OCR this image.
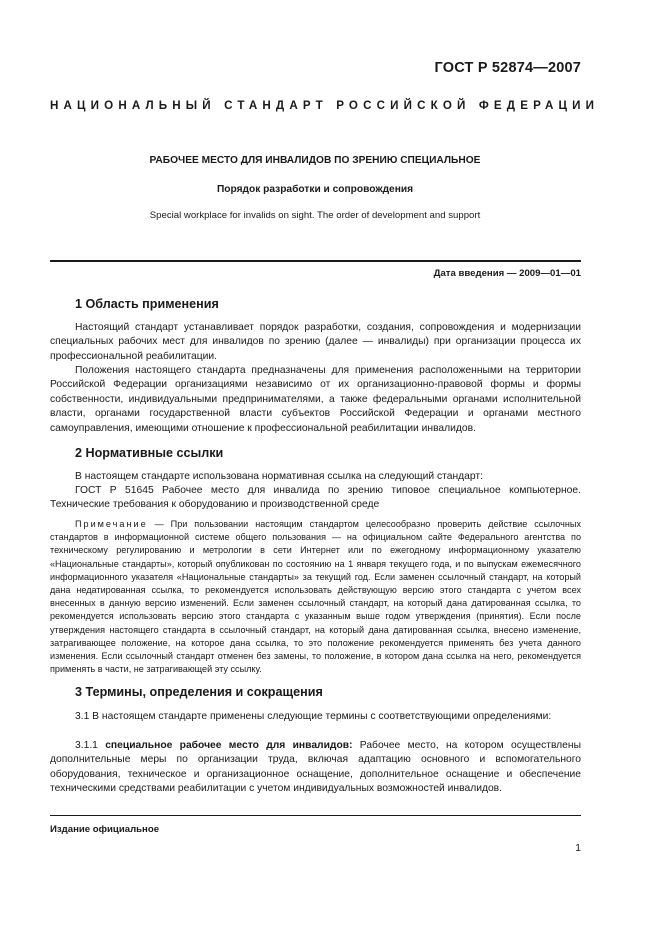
ГОСТ Р 52874—2007
НАЦИОНАЛЬНЫЙ СТАНДАРТ РОССИЙСКОЙ ФЕДЕРАЦИИ
РАБОЧЕЕ МЕСТО ДЛЯ ИНВАЛИДОВ ПО ЗРЕНИЮ СПЕЦИАЛЬНОЕ
Порядок разработки и сопровождения
Special workplace for invalids on sight. The order of development and support
Дата введения — 2009—01—01
1 Область применения

Настоящий стандарт устанавливает порядок разработки, создания, сопровождения и модернизации специальных рабочих мест для инвалидов по зрению (далее — инвалиды) при организации процесса их профессиональной реабилитации.

Положения настоящего стандарта предназначены для применения расположенными на территории Российской Федерации организациями независимо от их организационно-правовой формы и формы собственности, индивидуальными предпринимателями, а также федеральными органами исполнительной власти, органами государственной власти субъектов Российской Федерации и органами местного самоуправления, имеющими отношение к профессиональной реабилитации инвалидов.

2 Нормативные ссылки

В настоящем стандарте использована нормативная ссылка на следующий стандарт:

ГОСТ Р 51645 Рабочее место для инвалида по зрению типовое специальное компьютерное. Технические требования к оборудованию и производственной среде

Примечание — При пользовании настоящим стандартом целесообразно проверить действие ссылочных стандартов в информационной системе общего пользования — на официальном сайте Федерального агентства по техническому регулированию и метрологии в сети Интернет или по ежегодному информационному указателю «Национальные стандарты», который опубликован по состоянию на 1 января текущего года, и по выпускам ежемесячного информационного указателя «Национальные стандарты» за текущий год. Если заменен ссылочный стандарт, на который дана недатированная ссылка, то рекомендуется использовать действующую версию этого стандарта с учетом всех внесенных в данную версию изменений. Если заменен ссылочный стандарт, на который дана датированная ссылка, то рекомендуется использовать версию этого стандарта с указанным выше годом утверждения (принятия). Если после утверждения настоящего стандарта в ссылочный стандарт, на который дана датированная ссылка, внесено изменение, затрагивающее положение, на которое дана ссылка, то это положение рекомендуется применять без учета данного изменения. Если ссылочный стандарт отменен без замены, то положение, в котором дана ссылка на него, рекомендуется применять в части, не затрагивающей эту ссылку.

3 Термины, определения и сокращения

3.1 В настоящем стандарте применены следующие термины с соответствующими определениями:

3.1.1 специальное рабочее место для инвалидов: Рабочее место, на котором осуществлены дополнительные меры по организации труда, включая адаптацию основного и вспомогательного оборудования, техническое и организационное оснащение, дополнительное оснащение и обеспечение техническими средствами реабилитации с учетом индивидуальных возможностей инвалидов.

Издание официальное
1
